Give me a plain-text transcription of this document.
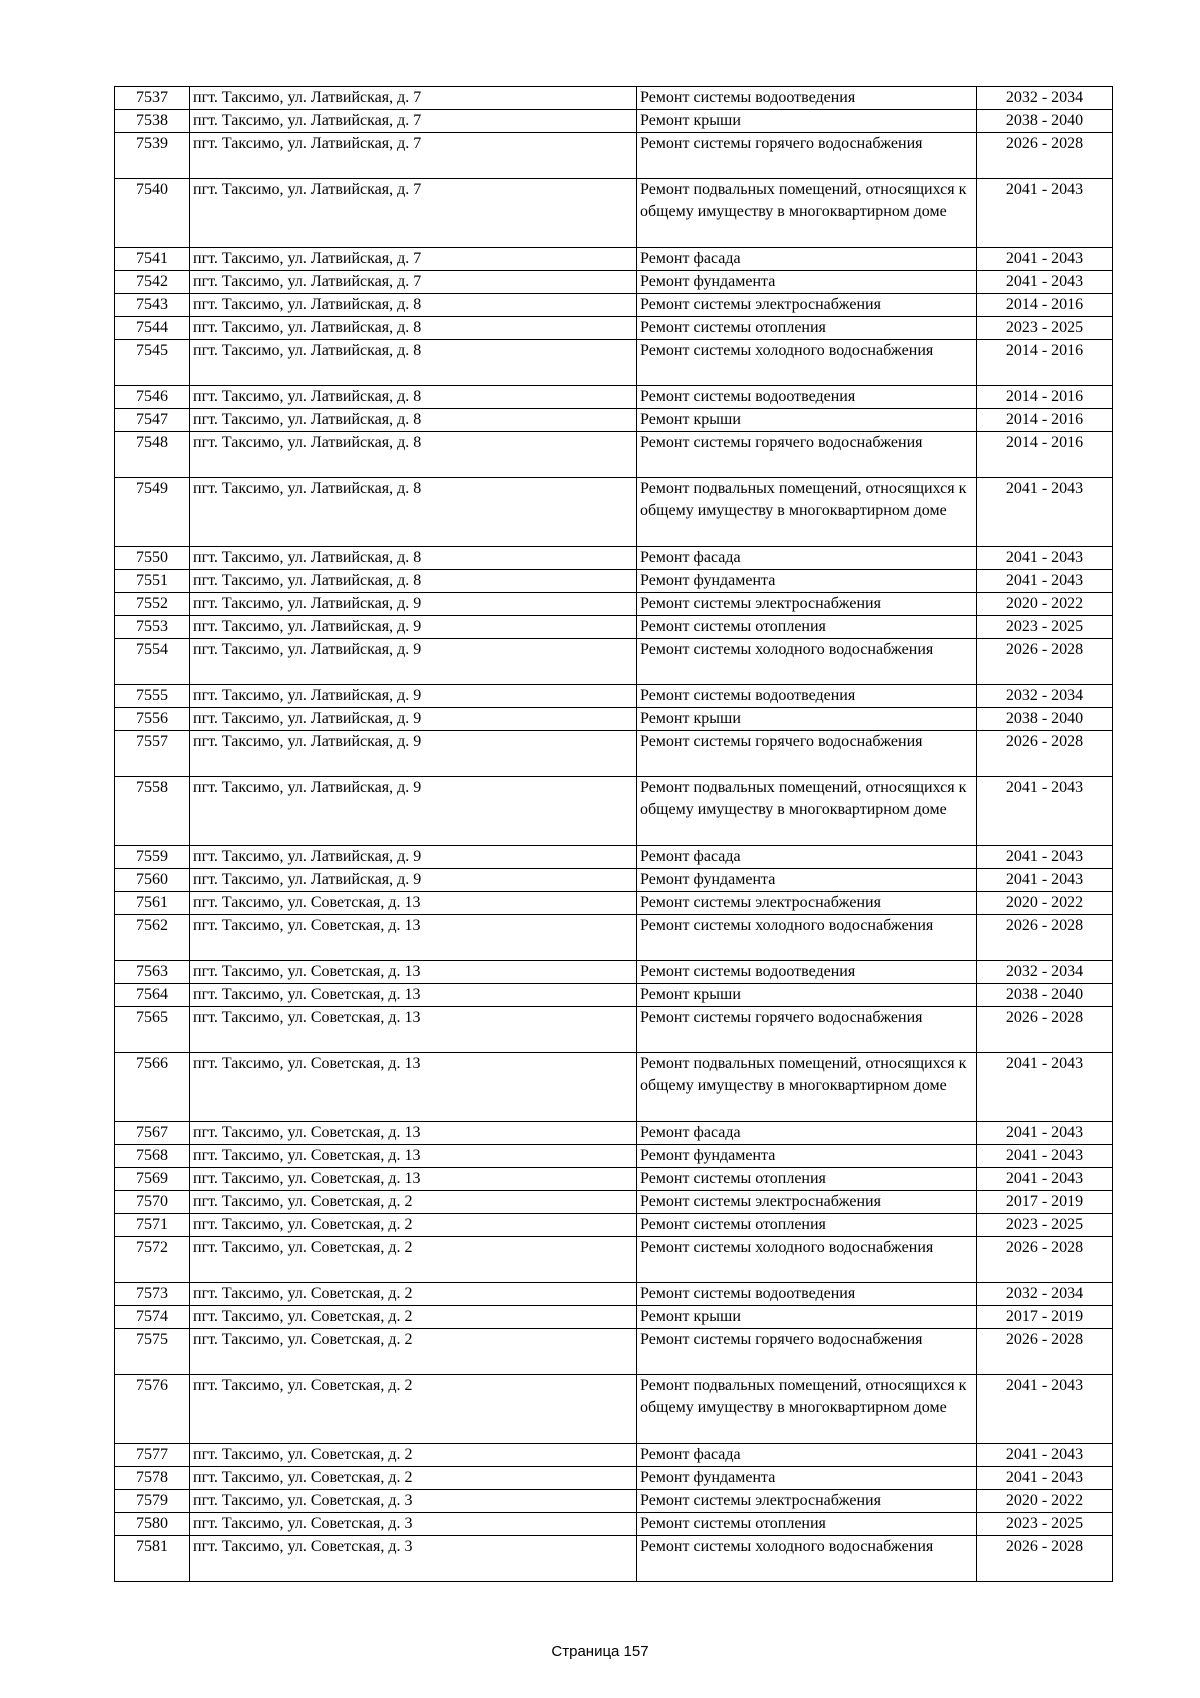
7537	пгт. Таксимо, ул. Латвийская, д. 7	Ремонт системы водоотведения	2032 - 2034
7538	пгт. Таксимо, ул. Латвийская, д. 7	Ремонт крыши	2038 - 2040
7539	пгт. Таксимо, ул. Латвийская, д. 7	Ремонт системы горячего водоснабжения	2026 - 2028
7540	пгт. Таксимо, ул. Латвийская, д. 7	Ремонт подвальных помещений, относящихся к общему имуществу в многоквартирном доме	2041 - 2043
7541	пгт. Таксимо, ул. Латвийская, д. 7	Ремонт фасада	2041 - 2043
7542	пгт. Таксимо, ул. Латвийская, д. 7	Ремонт фундамента	2041 - 2043
7543	пгт. Таксимо, ул. Латвийская, д. 8	Ремонт системы электроснабжения	2014 - 2016
7544	пгт. Таксимо, ул. Латвийская, д. 8	Ремонт системы отопления	2023 - 2025
7545	пгт. Таксимо, ул. Латвийская, д. 8	Ремонт системы холодного водоснабжения	2014 - 2016
7546	пгт. Таксимо, ул. Латвийская, д. 8	Ремонт системы водоотведения	2014 - 2016
7547	пгт. Таксимо, ул. Латвийская, д. 8	Ремонт крыши	2014 - 2016
7548	пгт. Таксимо, ул. Латвийская, д. 8	Ремонт системы горячего водоснабжения	2014 - 2016
7549	пгт. Таксимо, ул. Латвийская, д. 8	Ремонт подвальных помещений, относящихся к общему имуществу в многоквартирном доме	2041 - 2043
7550	пгт. Таксимо, ул. Латвийская, д. 8	Ремонт фасада	2041 - 2043
7551	пгт. Таксимо, ул. Латвийская, д. 8	Ремонт фундамента	2041 - 2043
7552	пгт. Таксимо, ул. Латвийская, д. 9	Ремонт системы электроснабжения	2020 - 2022
7553	пгт. Таксимо, ул. Латвийская, д. 9	Ремонт системы отопления	2023 - 2025
7554	пгт. Таксимо, ул. Латвийская, д. 9	Ремонт системы холодного водоснабжения	2026 - 2028
7555	пгт. Таксимо, ул. Латвийская, д. 9	Ремонт системы водоотведения	2032 - 2034
7556	пгт. Таксимо, ул. Латвийская, д. 9	Ремонт крыши	2038 - 2040
7557	пгт. Таксимо, ул. Латвийская, д. 9	Ремонт системы горячего водоснабжения	2026 - 2028
7558	пгт. Таксимо, ул. Латвийская, д. 9	Ремонт подвальных помещений, относящихся к общему имуществу в многоквартирном доме	2041 - 2043
7559	пгт. Таксимо, ул. Латвийская, д. 9	Ремонт фасада	2041 - 2043
7560	пгт. Таксимо, ул. Латвийская, д. 9	Ремонт фундамента	2041 - 2043
7561	пгт. Таксимо, ул. Советская, д. 13	Ремонт системы электроснабжения	2020 - 2022
7562	пгт. Таксимо, ул. Советская, д. 13	Ремонт системы холодного водоснабжения	2026 - 2028
7563	пгт. Таксимо, ул. Советская, д. 13	Ремонт системы водоотведения	2032 - 2034
7564	пгт. Таксимо, ул. Советская, д. 13	Ремонт крыши	2038 - 2040
7565	пгт. Таксимо, ул. Советская, д. 13	Ремонт системы горячего водоснабжения	2026 - 2028
7566	пгт. Таксимо, ул. Советская, д. 13	Ремонт подвальных помещений, относящихся к общему имуществу в многоквартирном доме	2041 - 2043
7567	пгт. Таксимо, ул. Советская, д. 13	Ремонт фасада	2041 - 2043
7568	пгт. Таксимо, ул. Советская, д. 13	Ремонт фундамента	2041 - 2043
7569	пгт. Таксимо, ул. Советская, д. 13	Ремонт системы отопления	2041 - 2043
7570	пгт. Таксимо, ул. Советская, д. 2	Ремонт системы электроснабжения	2017 - 2019
7571	пгт. Таксимо, ул. Советская, д. 2	Ремонт системы отопления	2023 - 2025
7572	пгт. Таксимо, ул. Советская, д. 2	Ремонт системы холодного водоснабжения	2026 - 2028
7573	пгт. Таксимо, ул. Советская, д. 2	Ремонт системы водоотведения	2032 - 2034
7574	пгт. Таксимо, ул. Советская, д. 2	Ремонт крыши	2017 - 2019
7575	пгт. Таксимо, ул. Советская, д. 2	Ремонт системы горячего водоснабжения	2026 - 2028
7576	пгт. Таксимо, ул. Советская, д. 2	Ремонт подвальных помещений, относящихся к общему имуществу в многоквартирном доме	2041 - 2043
7577	пгт. Таксимо, ул. Советская, д. 2	Ремонт фасада	2041 - 2043
7578	пгт. Таксимо, ул. Советская, д. 2	Ремонт фундамента	2041 - 2043
7579	пгт. Таксимо, ул. Советская, д. 3	Ремонт системы электроснабжения	2020 - 2022
7580	пгт. Таксимо, ул. Советская, д. 3	Ремонт системы отопления	2023 - 2025
7581	пгт. Таксимо, ул. Советская, д. 3	Ремонт системы холодного водоснабжения	2026 - 2028
Страница 157
